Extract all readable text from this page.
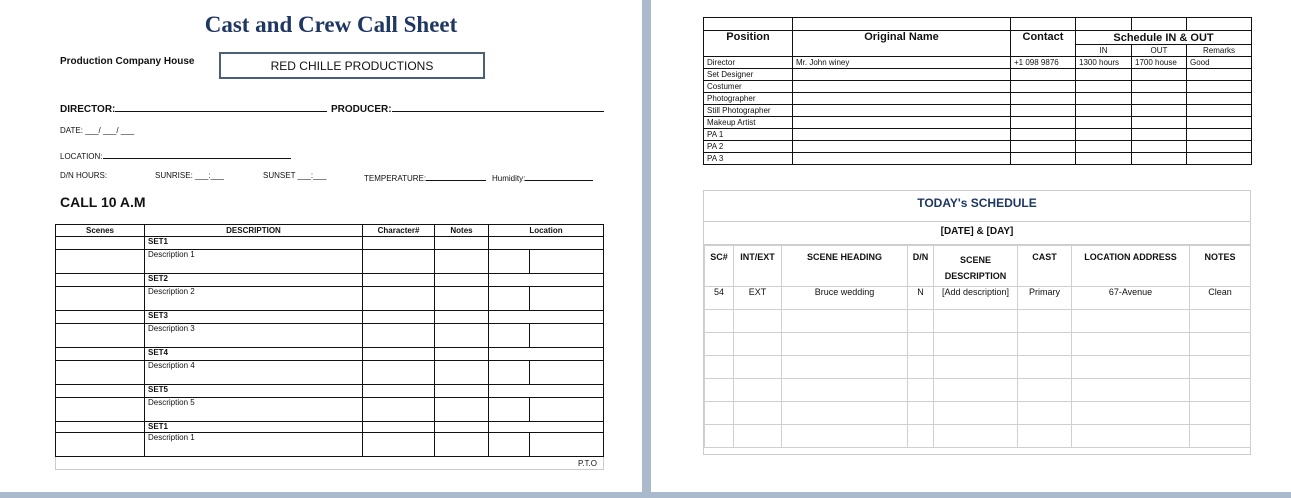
Cast and Crew Call Sheet
Production Company House	RED CHILLE PRODUCTIONS
DIRECTOR:	PRODUCER:
DATE: ___/ ___/ ___
LOCATION:
D/N HOURS:	SUNRISE: ___:___	SUNSET ___:___	TEMPERATURE:	Humidity:
CALL 10 A.M
Scenes	DESCRIPTION	Character#	Notes	Location	
	SET1				
	Description 1				
	SET2				
	Description 2				
	SET3				
	Description 3				
	SET4				
	Description 4				
	SET5				
	Description 5				
	SET1				
	Description 1				
P.T.O					

Position	Original Name	Contact	Schedule IN & OUT		
			IN	OUT	Remarks
Director	Mr. John winey	+1 098 9876	1300 hours	1700 house	Good
Set Designer					
Costumer					
Photographer					
Still Photographer					
Makeup Artist					
PA 1					
PA 2					
PA 3					
TODAY's SCHEDULE
[DATE] & [DAY]
SC#	INT/EXT	SCENE HEADING	D/N	SCENE DESCRIPTION	CAST	LOCATION ADDRESS	NOTES
54	EXT	Bruce wedding	N	[Add description]	Primary	67-Avenue	Clean
